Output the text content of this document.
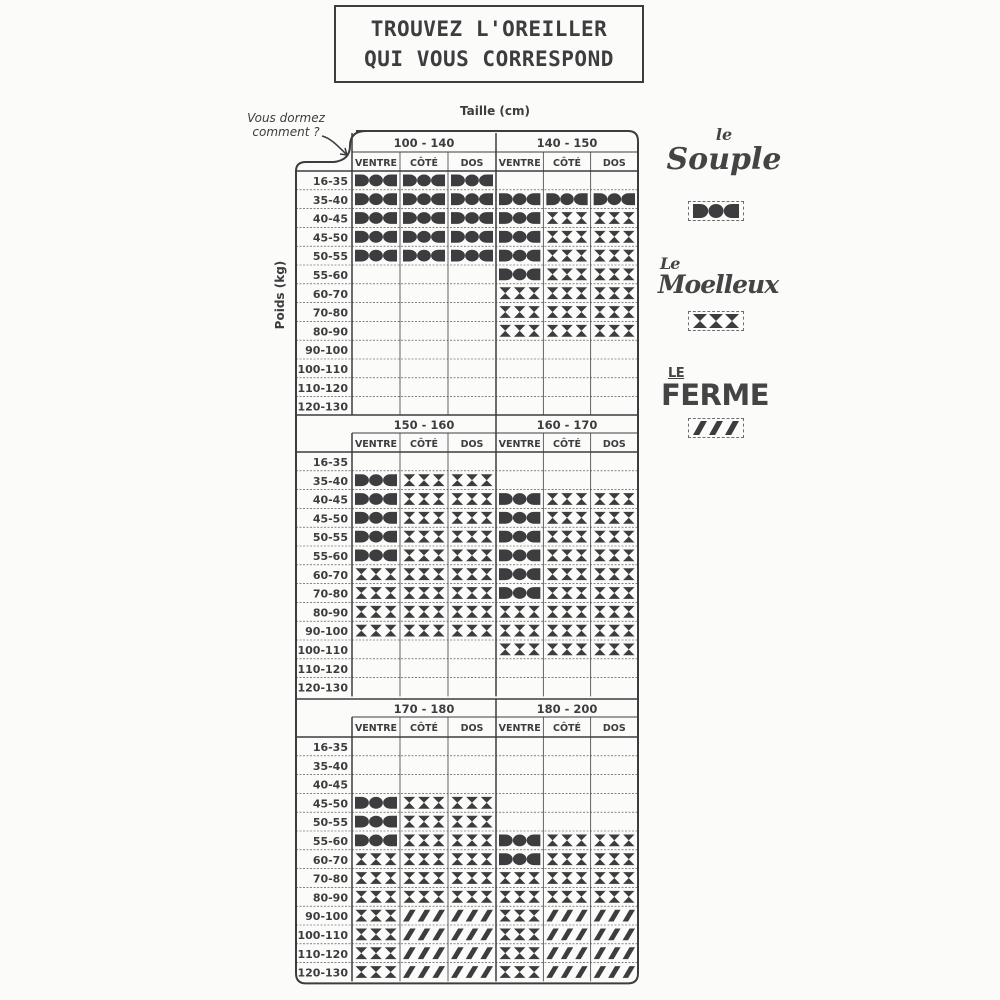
TROUVEZ L'OREILLER
QUI VOUS CORRESPOND
Vous dormez
comment ?
Taille (cm)
Poids (kg)
100 - 140
VENTRE CÔTÉ DOS
140 - 150
VENTRE CÔTÉ DOS
16-35
35-40
40-45
45-50
50-55
55-60
60-70
70-80
80-90
90-100
100-110
110-120
120-130
150 - 160
VENTRE CÔTÉ DOS
160 - 170
VENTRE CÔTÉ DOS
16-35
35-40
40-45
45-50
50-55
55-60
60-70
70-80
80-90
90-100
100-110
110-120
120-130
170 - 180
VENTRE CÔTÉ DOS
180 - 200
VENTRE CÔTÉ DOS
16-35
35-40
40-45
45-50
50-55
55-60
60-70
70-80
80-90
90-100
100-110
110-120
120-130
le
Souple
Le
Moelleux
LE
FERME
